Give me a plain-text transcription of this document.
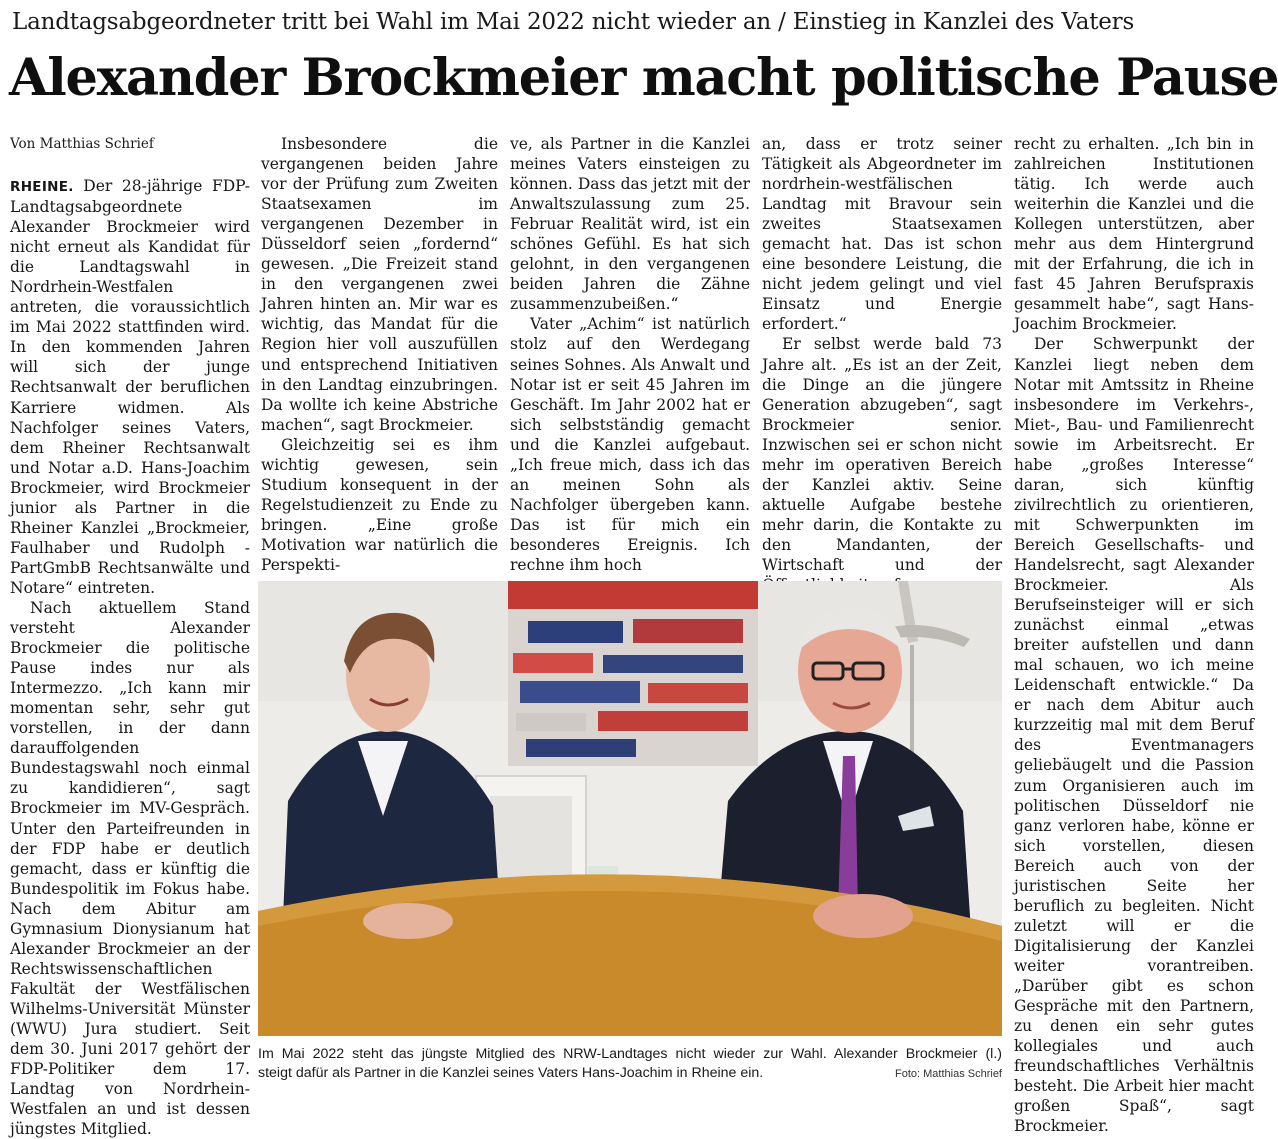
Landtagsabgeordneter tritt bei Wahl im Mai 2022 nicht wieder an / Einstieg in Kanzlei des Vaters
Alexander Brockmeier macht politische Pause
Von Matthias Schrief

RHEINE. Der 28-jährige FDP-Landtagsabgeordnete Alexander Brockmeier wird nicht erneut als Kandidat für die Landtagswahl in Nordrhein-Westfalen antreten, die voraussichtlich im Mai 2022 stattfinden wird. In den kommenden Jahren will sich der junge Rechtsanwalt der beruflichen Karriere widmen. Als Nachfolger seines Vaters, dem Rheiner Rechtsanwalt und Notar a.D. Hans-Joachim Brockmeier, wird Brockmeier junior als Partner in die Rheiner Kanzlei „Brockmeier, Faulhaber und Rudolph - PartGmbB Rechtsanwälte und Notare“ eintreten.

Nach aktuellem Stand versteht Alexander Brockmeier die politische Pause indes nur als Intermezzo. „Ich kann mir momentan sehr, sehr gut vorstellen, in der dann darauffolgenden Bundestagswahl noch einmal zu kandidieren“, sagt Brockmeier im MV-Gespräch. Unter den Parteifreunden in der FDP habe er deutlich gemacht, dass er künftig die Bundespolitik im Fokus habe. Nach dem Abitur am Gymnasium Dionysianum hat Alexander Brockmeier an der Rechtswissenschaftlichen Fakultät der Westfälischen Wilhelms-Universität Münster (WWU) Jura studiert. Seit dem 30. Juni 2017 gehört der FDP-Politiker dem 17. Landtag von Nordrhein-Westfalen an und ist dessen jüngstes Mitglied.

Insbesondere die vergangenen beiden Jahre vor der Prüfung zum Zweiten Staatsexamen im vergangenen Dezember in Düsseldorf seien „fordernd“ gewesen. „Die Freizeit stand in den vergangenen zwei Jahren hinten an. Mir war es wichtig, das Mandat für die Region hier voll auszufüllen und entsprechend Initiativen in den Landtag einzubringen. Da wollte ich keine Abstriche machen“, sagt Brockmeier.

Gleichzeitig sei es ihm wichtig gewesen, sein Studium konsequent in der Regelstudienzeit zu Ende zu bringen. „Eine große Motivation war natürlich die Perspekti-

ve, als Partner in die Kanzlei meines Vaters einsteigen zu können. Dass das jetzt mit der Anwaltszulassung zum 25. Februar Realität wird, ist ein schönes Gefühl. Es hat sich gelohnt, in den vergangenen beiden Jahren die Zähne zusammenzubeißen.“

Vater „Achim“ ist natürlich stolz auf den Werdegang seines Sohnes. Als Anwalt und Notar ist er seit 45 Jahren im Geschäft. Im Jahr 2002 hat er sich selbstständig gemacht und die Kanzlei aufgebaut. „Ich freue mich, dass ich das an meinen Sohn als Nachfolger übergeben kann. Das ist für mich ein besonderes Ereignis. Ich rechne ihm hoch

an, dass er trotz seiner Tätigkeit als Abgeordneter im nordrhein-westfälischen Landtag mit Bravour sein zweites Staatsexamen gemacht hat. Das ist schon eine besondere Leistung, die nicht jedem gelingt und viel Einsatz und Energie erfordert.“

Er selbst werde bald 73 Jahre alt. „Es ist an der Zeit, die Dinge an die jüngere Generation abzugeben“, sagt Brockmeier senior. Inzwischen sei er schon nicht mehr im operativen Bereich der Kanzlei aktiv. Seine aktuelle Aufgabe bestehe mehr darin, die Kontakte zu den Mandanten, der Wirtschaft und der

recht zu erhalten. „Ich bin in zahlreichen Institutionen tätig. Ich werde auch weiterhin die Kanzlei und die Kollegen unterstützen, aber mehr aus dem Hintergrund mit der Erfahrung, die ich in fast 45 Jahren Berufspraxis gesammelt habe“, sagt Hans-Joachim Brockmeier.

Der Schwerpunkt der Kanzlei liegt neben dem Notar mit Amtssitz in Rheine insbesondere im Verkehrs-, Miet-, Bau- und Familienrecht sowie im Arbeitsrecht. Er habe „großes Interesse“ daran, sich künftig zivilrechtlich zu orientieren, mit Schwerpunkten im Bereich Gesellschafts- und Handelsrecht, sagt Alexander Brockmeier. Als Berufseinsteiger will er sich zunächst einmal „etwas breiter aufstellen und dann mal schauen, wo ich meine Leidenschaft entwickle.“ Da er nach dem Abitur auch kurzzeitig mal mit dem Beruf des Eventmanagers geliebäugelt und die Passion zum Organisieren auch im politischen Düsseldorf nie ganz verloren habe, könne er sich vorstellen, diesen Bereich auch von der juristischen Seite her beruflich zu begleiten. Nicht zuletzt will er die Digitalisierung der Kanzlei weiter vorantreiben. „Darüber gibt es schon Gespräche mit den Partnern, zu denen ein sehr gutes kollegiales und auch freundschaftliches Verhältnis besteht. Die Arbeit hier macht großen Spaß“, sagt Brockmeier.

Im Mai 2022 steht das jüngste Mitglied des NRW-Landtages nicht wieder zur Wahl. Alexander Brockmeier (l.)
steigt dafür als Partner in die Kanzlei seines Vaters Hans-Joachim in Rheine ein.	Foto: Matthias Schrief
